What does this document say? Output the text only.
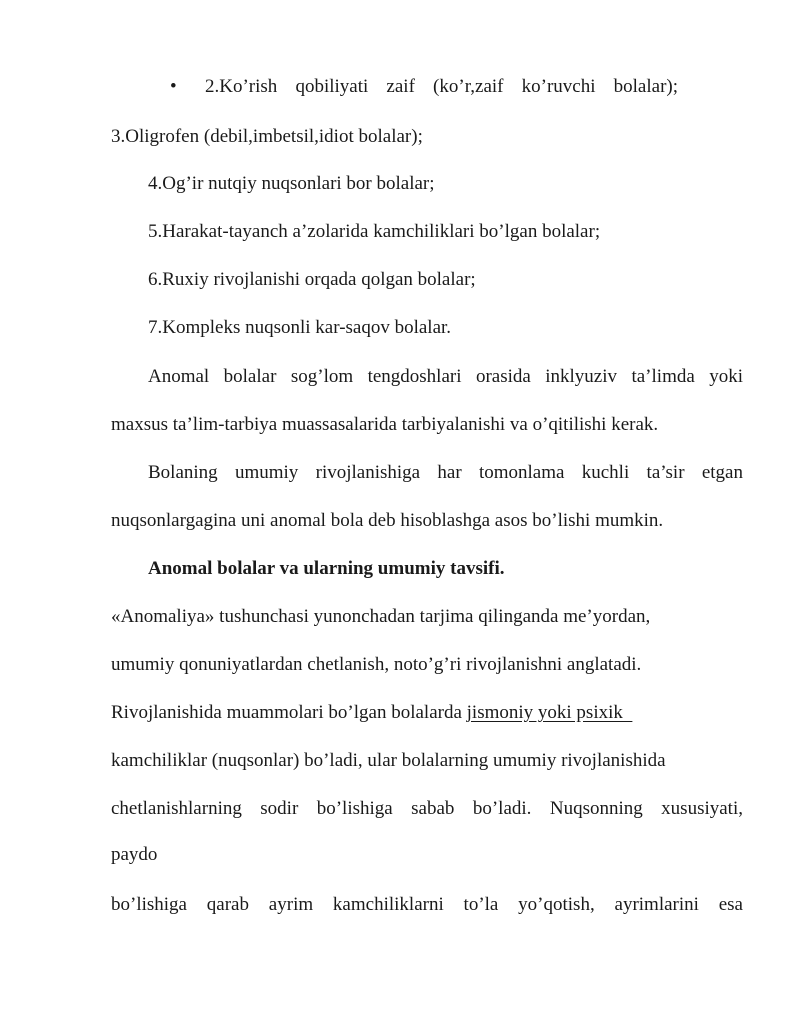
• 2.Ko’rish qobiliyati zaif (ko’r,zaif ko’ruvchi bolalar);
3.Oligrofen (debil,imbetsil,idiot bolalar);
4.Og’ir nutqiy nuqsonlari bor bolalar;
5.Harakat-tayanch a’zolarida kamchiliklari bo’lgan bolalar;
6.Ruxiy rivojlanishi orqada qolgan bolalar;
7.Kompleks nuqsonli kar-saqov bolalar.
Anomal bolalar sog’lom tengdoshlari orasida inklyuziv ta’limda yoki
maxsus ta’lim-tarbiya muassasalarida tarbiyalanishi va o’qitilishi kerak.
Bolaning umumiy rivojlanishiga har tomonlama kuchli ta’sir etgan
nuqsonlargagina uni anomal bola deb hisoblashga asos bo’lishi mumkin.
Anomal bolalar va ularning umumiy tavsifi.
«Anomaliya» tushunchasi yunonchadan tarjima qilinganda me’yordan,
umumiy qonuniyatlardan chetlanish, noto’g’ri rivojlanishni anglatadi.
Rivojlanishida muammolari bo’lgan bolalarda jismoniy yoki psixik
kamchiliklar (nuqsonlar) bo’ladi, ular bolalarning umumiy rivojlanishida
chetlanishlarning sodir bo’lishiga sabab bo’ladi. Nuqsonning xususiyati,
paydo
bo’lishiga qarab ayrim kamchiliklarni to’la yo’qotish, ayrimlarini esa
